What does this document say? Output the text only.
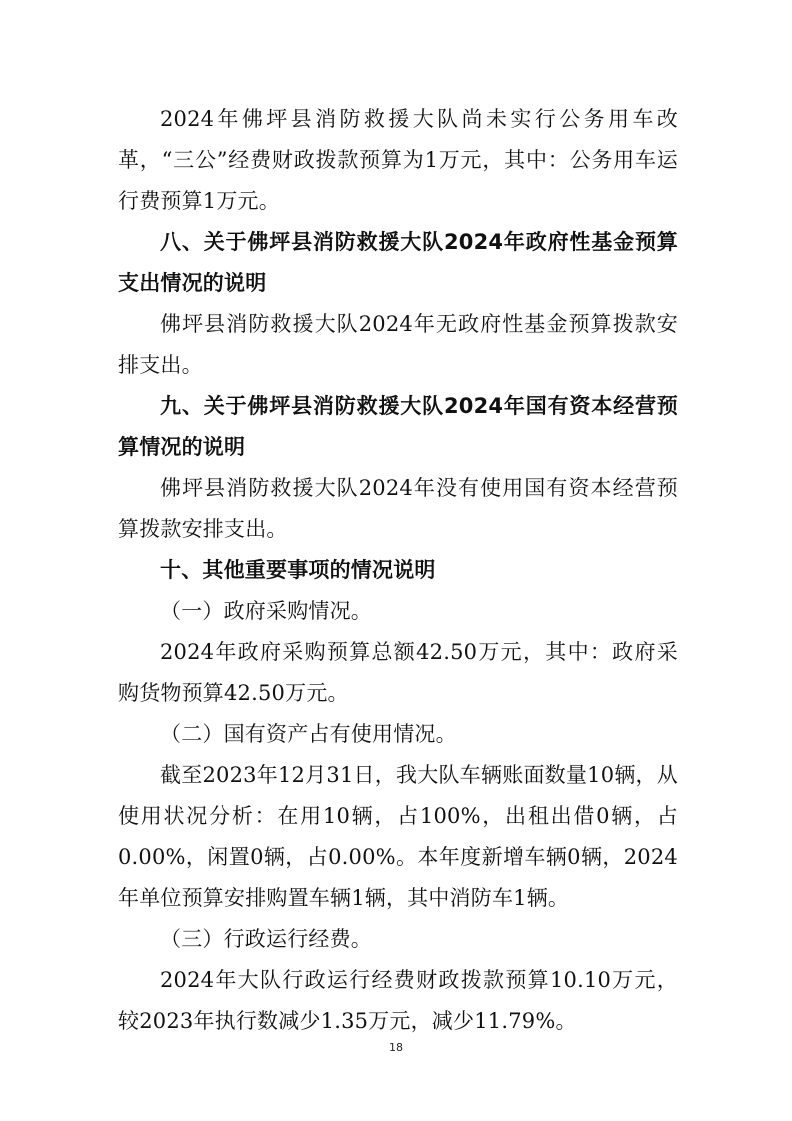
2024年佛坪县消防救援大队尚未实行公务用车改革，“三公”经费财政拨款预算为1万元，其中：公务用车运行费预算1万元。

八、关于佛坪县消防救援大队2024年政府性基金预算支出情况的说明

佛坪县消防救援大队2024年无政府性基金预算拨款安排支出。

九、关于佛坪县消防救援大队2024年国有资本经营预算情况的说明

佛坪县消防救援大队2024年没有使用国有资本经营预算拨款安排支出。

十、其他重要事项的情况说明

（一）政府采购情况。

2024年政府采购预算总额42.50万元，其中：政府采购货物预算42.50万元。

（二）国有资产占有使用情况。

截至2023年12月31日，我大队车辆账面数量10辆，从使用状况分析：在用10辆，占100%，出租出借0辆，占0.00%，闲置0辆，占0.00%。本年度新增车辆0辆，2024年单位预算安排购置车辆1辆，其中消防车1辆。

（三）行政运行经费。

2024年大队行政运行经费财政拨款预算10.10万元，较2023年执行数减少1.35万元，减少11.79%。

18
